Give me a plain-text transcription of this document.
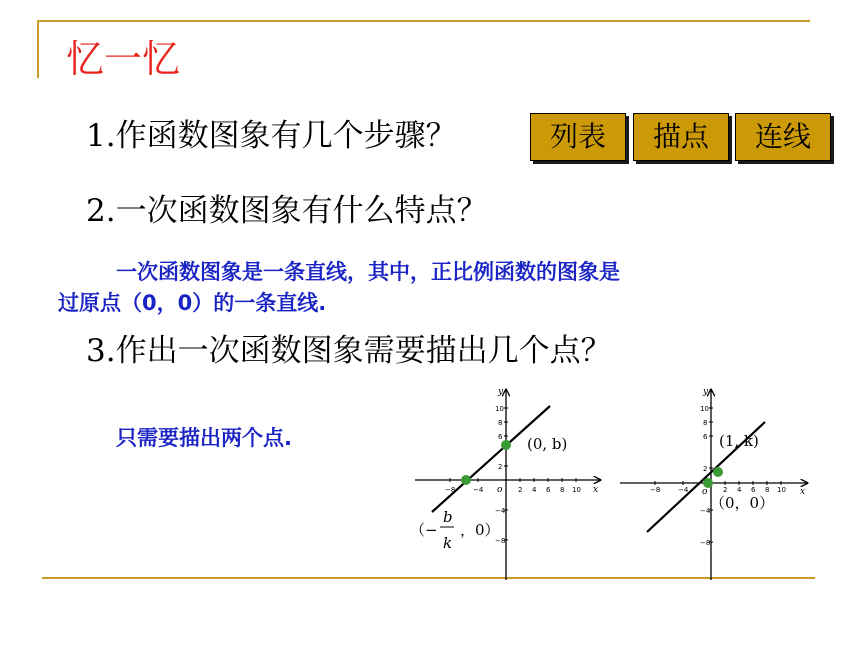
忆一忆
1.作函数图象有几个步骤？	列表	描点	连线
2.一次函数图象有什么特点？
一次函数图象是一条直线，其中，正比例函数的图象是
过原点（0，0）的一条直线.
3.作出一次函数图象需要描出几个点？
只需要描出两个点.
−8	−4	2 4 6 8 10
10
8
6
2
−4
−8
x
y
o
(0, b)
（−
b
k
，0）
−8	−4	2 4 6 8 10
10
8
6
2
−4
−8
x
y
o
(1, k)
（0，0）
